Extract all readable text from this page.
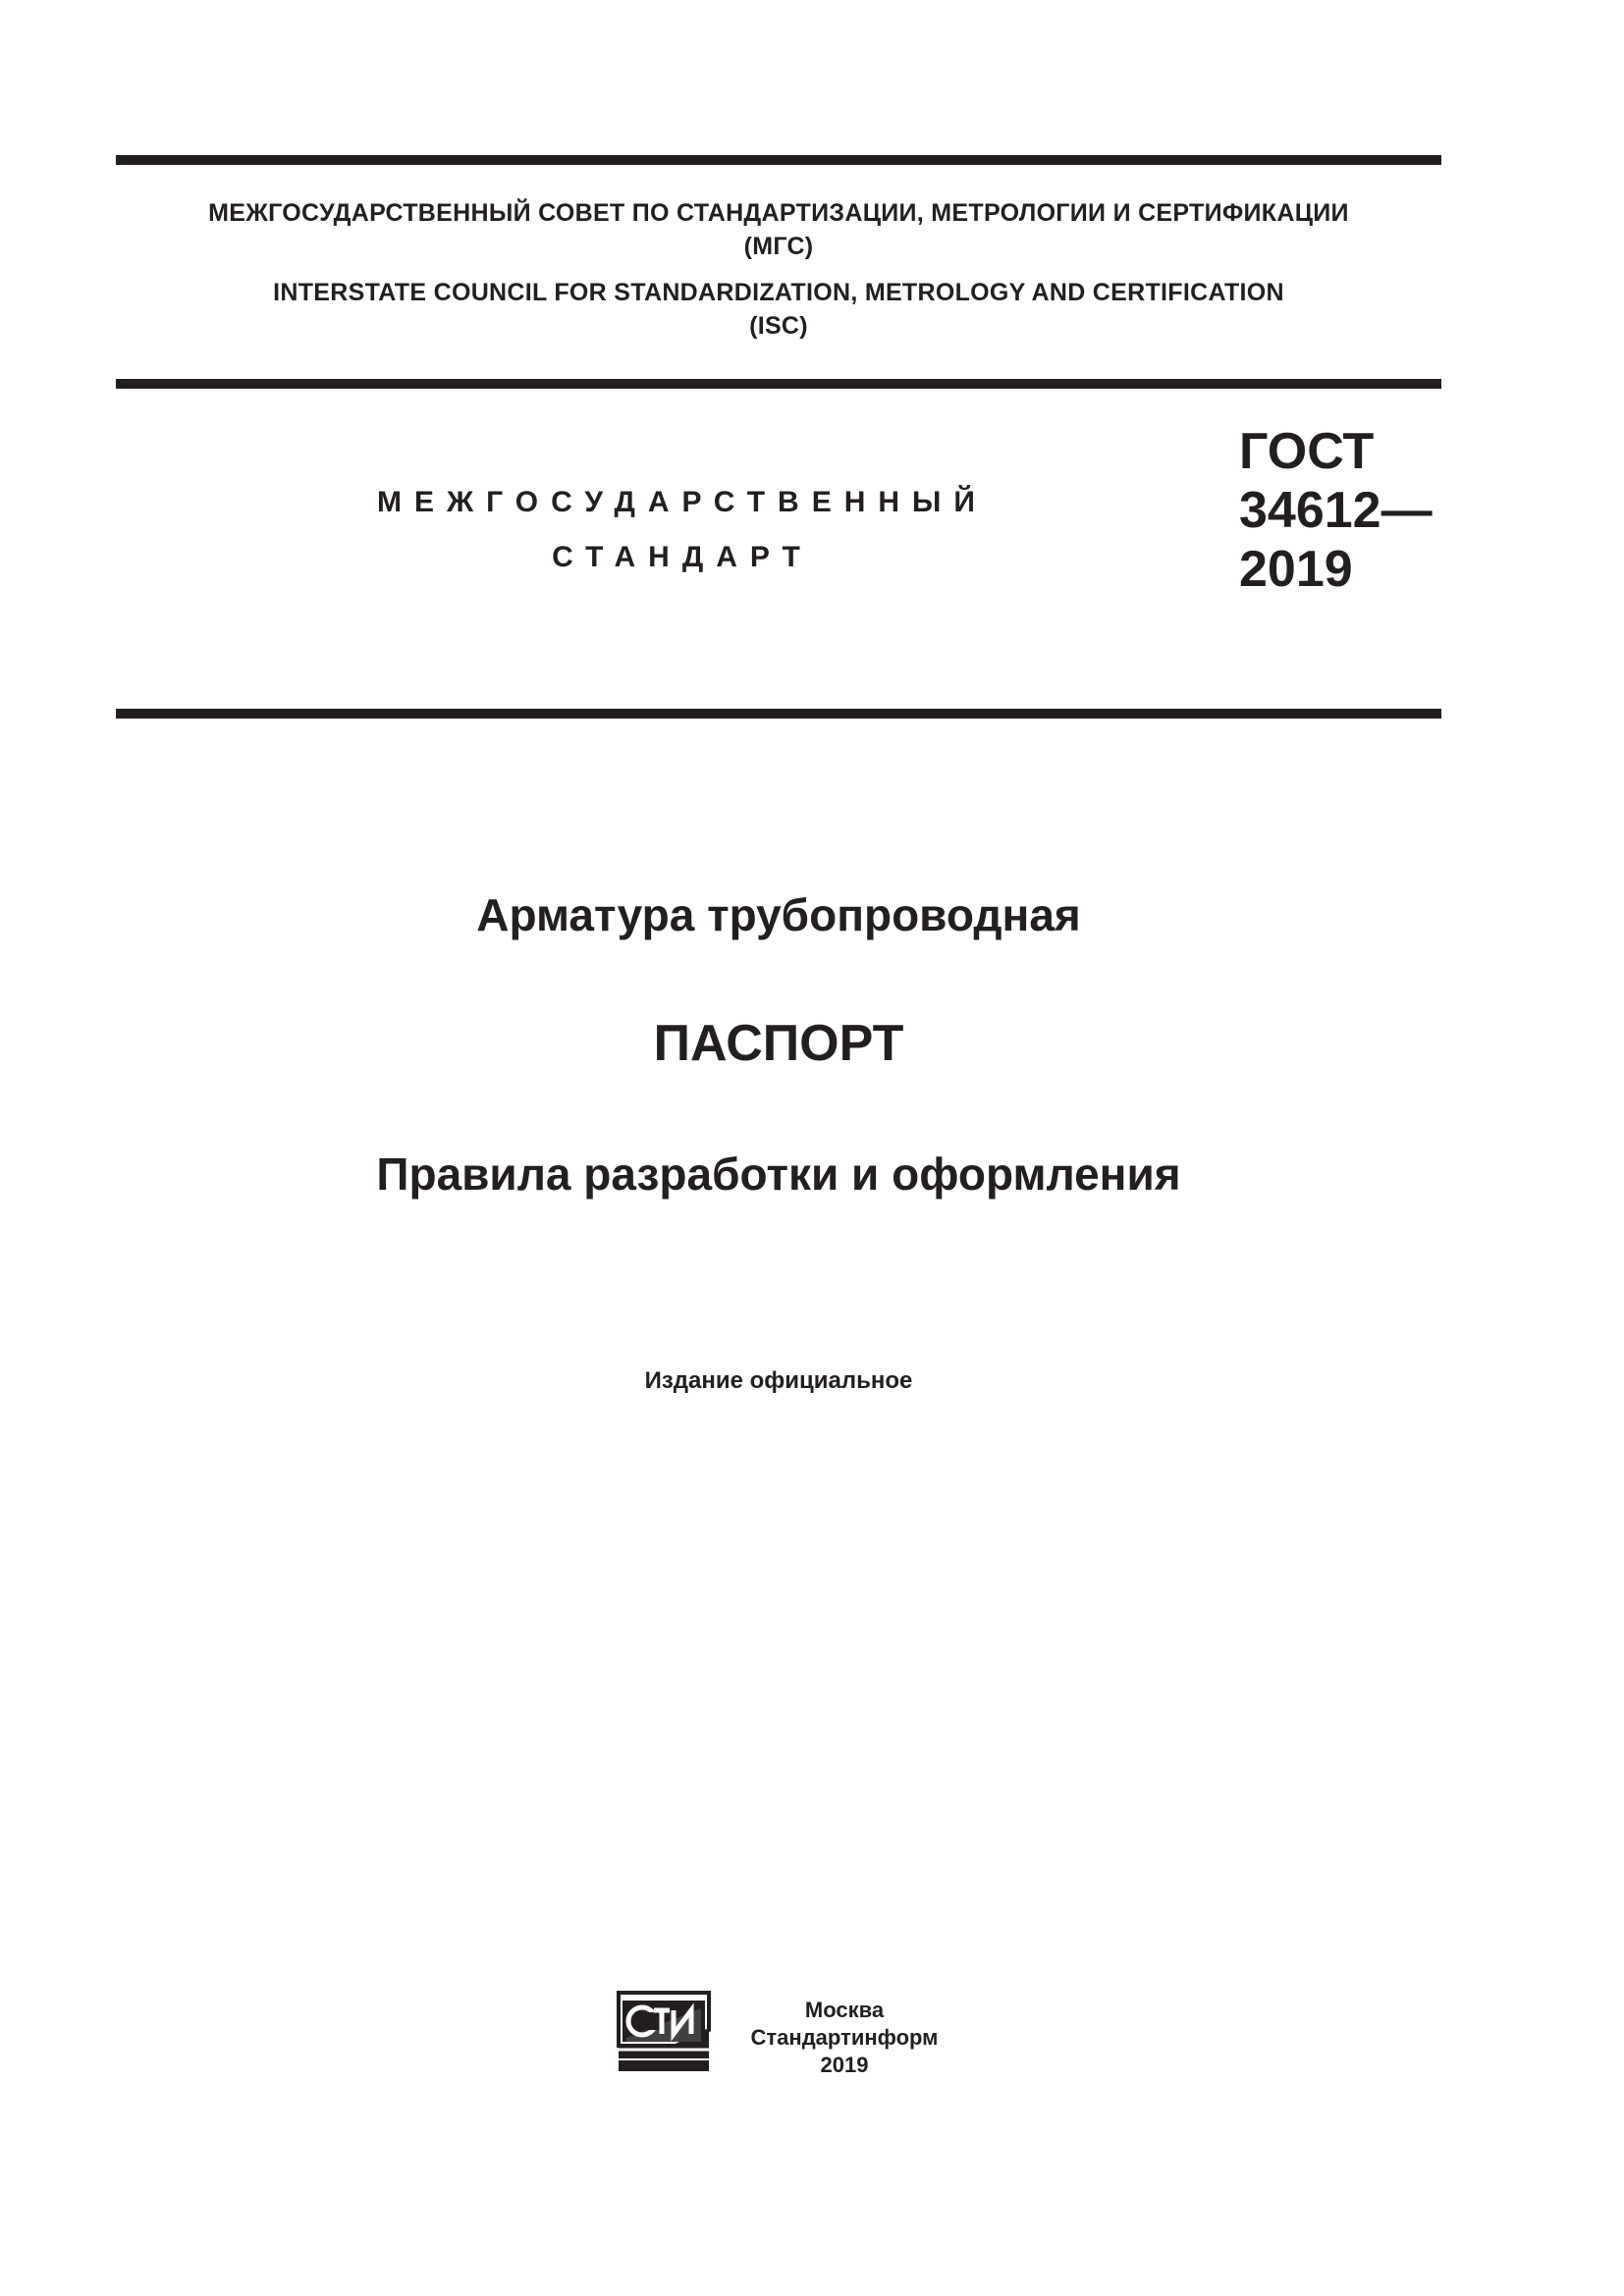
МЕЖГОСУДАРСТВЕННЫЙ СОВЕТ ПО СТАНДАРТИЗАЦИИ, МЕТРОЛОГИИ И СЕРТИФИКАЦИИ
(МГС)
INTERSTATE COUNCIL FOR STANDARDIZATION, METROLOGY AND CERTIFICATION
(ISC)
МЕЖГОСУДАРСТВЕННЫЙ
СТАНДАРТ
ГОСТ
34612—
2019
Арматура трубопроводная
ПАСПОРТ
Правила разработки и оформления
Издание официальное
Москва
Стандартинформ
2019
